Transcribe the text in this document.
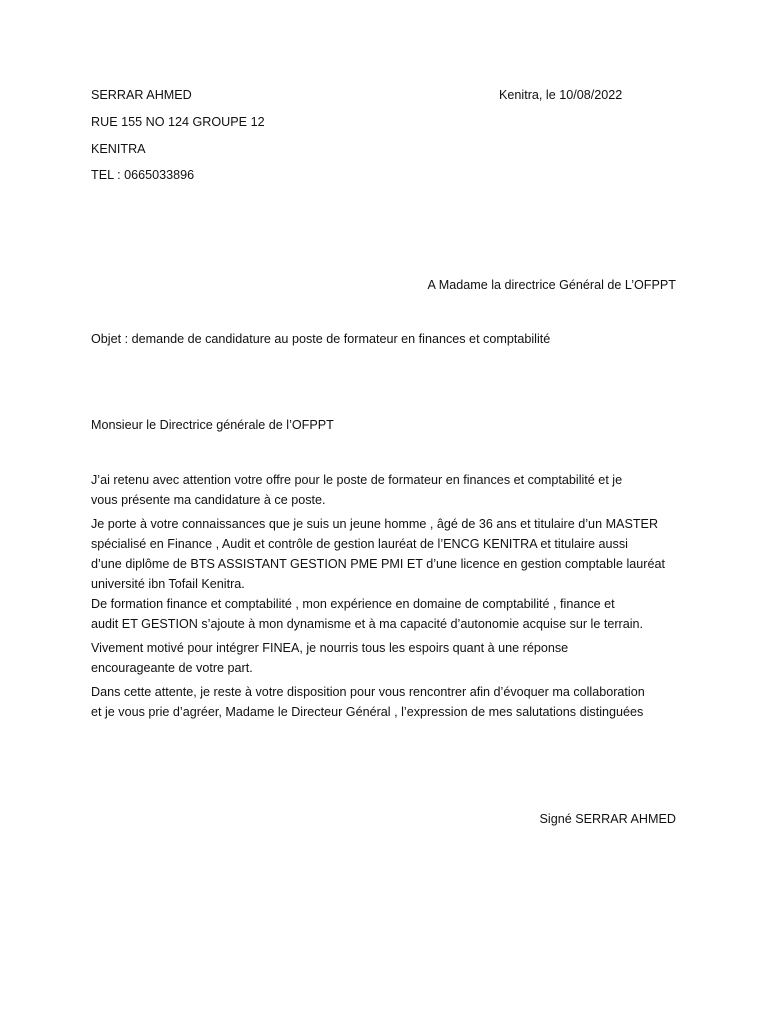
SERRAR AHMED	Kenitra, le 10/08/2022
RUE 155 NO 124 GROUPE 12
KENITRA
TEL : 0665033896
A Madame la directrice Général de L’OFPPT
Objet : demande de candidature au poste de formateur en finances et comptabilité
Monsieur le Directrice générale de l’OFPPT
J’ai retenu avec attention votre offre pour le poste de formateur en finances et comptabilité et je
vous présente ma candidature à ce poste.
Je porte à votre connaissances que je suis un jeune homme , âgé de 36 ans et titulaire d’un MASTER
spécialisé en Finance , Audit et contrôle de gestion lauréat de l’ENCG KENITRA et titulaire aussi
d’une diplôme de BTS ASSISTANT GESTION PME PMI ET d’une licence en gestion comptable lauréat
université ibn Tofail Kenitra.
De formation finance et comptabilité , mon expérience en domaine de comptabilité , finance et
audit ET GESTION s’ajoute à mon dynamisme et à ma capacité d’autonomie acquise sur le terrain.
Vivement motivé pour intégrer FINEA, je nourris tous les espoirs quant à une réponse
encourageante de votre part.
Dans cette attente, je reste à votre disposition pour vous rencontrer afin d’évoquer ma collaboration
et je vous prie d’agréer, Madame le Directeur Général , l’expression de mes salutations distinguées
Signé SERRAR AHMED
